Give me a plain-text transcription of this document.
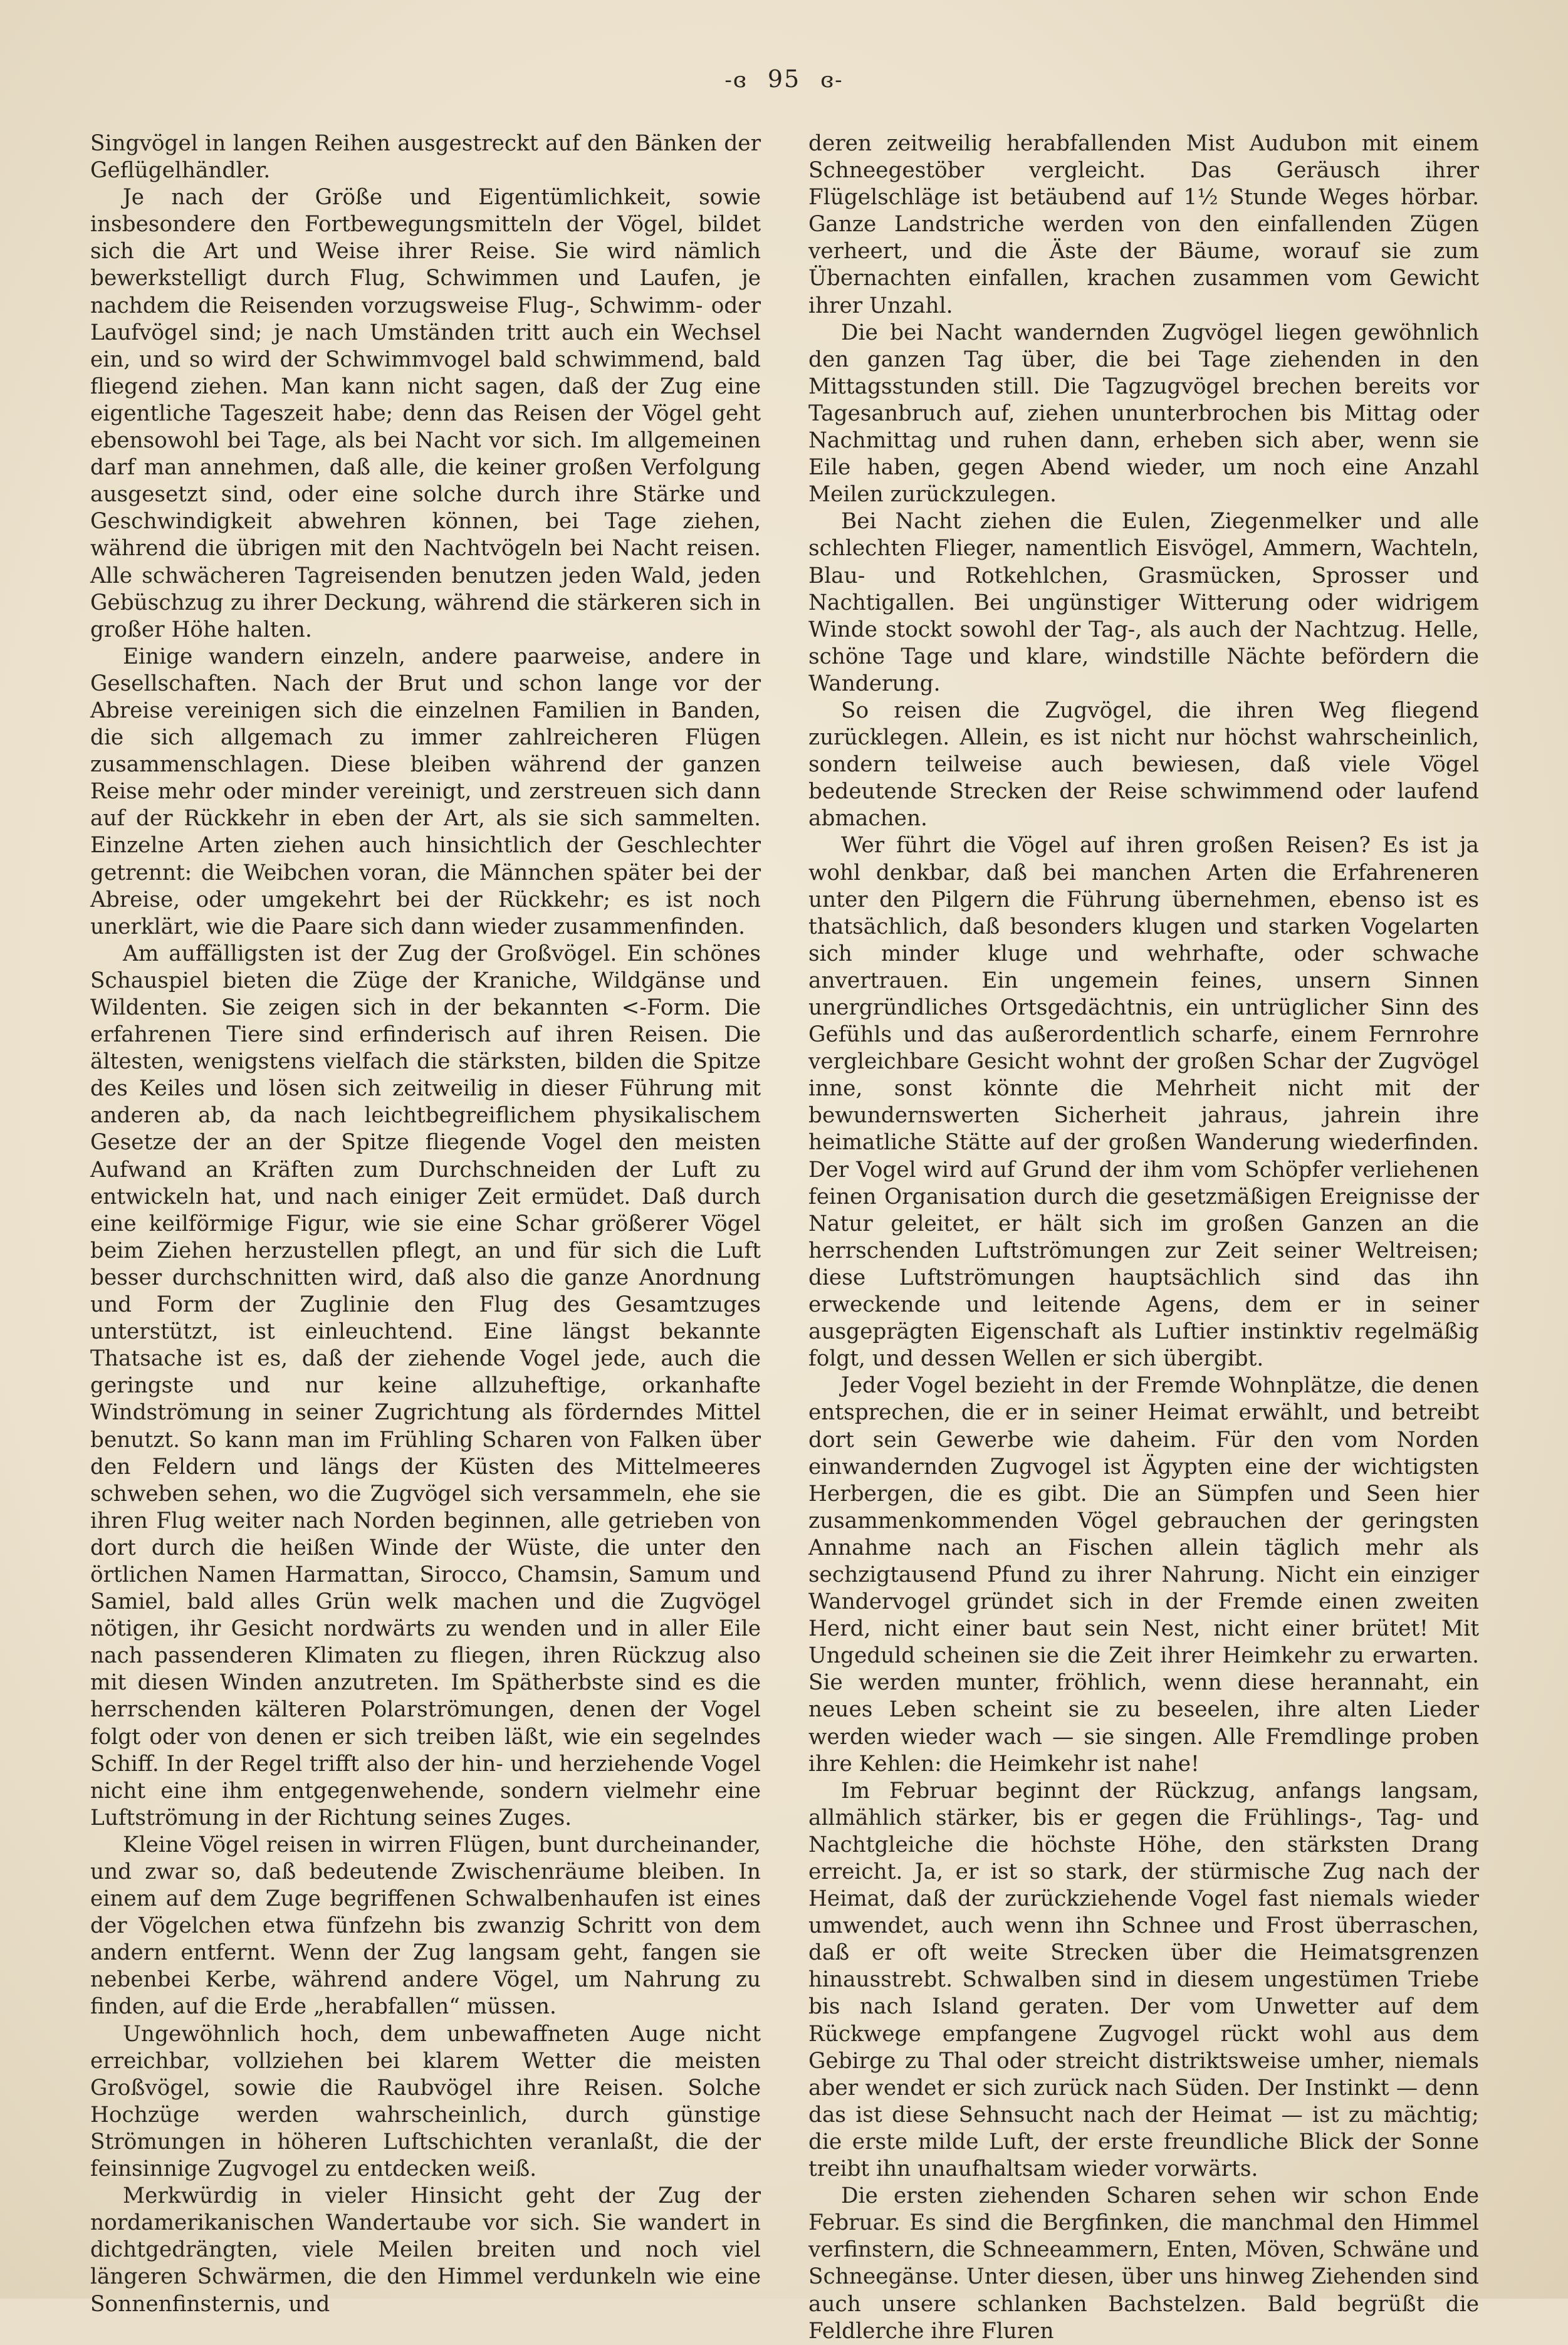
-ɞ 95 ɞ-

Singvögel in langen Reihen ausgestreckt auf den Bänken der Geflügelhändler.

Je nach der Größe und Eigentümlichkeit, sowie insbesondere den Fortbewegungsmitteln der Vögel, bildet sich die Art und Weise ihrer Reise. Sie wird nämlich bewerkstelligt durch Flug, Schwimmen und Laufen, je nachdem die Reisenden vorzugsweise Flug-, Schwimm- oder Laufvögel sind; je nach Umständen tritt auch ein Wechsel ein, und so wird der Schwimmvogel bald schwimmend, bald fliegend ziehen. Man kann nicht sagen, daß der Zug eine eigentliche Tageszeit habe; denn das Reisen der Vögel geht ebensowohl bei Tage, als bei Nacht vor sich. Im allgemeinen darf man annehmen, daß alle, die keiner großen Verfolgung ausgesetzt sind, oder eine solche durch ihre Stärke und Geschwindigkeit abwehren können, bei Tage ziehen, während die übrigen mit den Nachtvögeln bei Nacht reisen. Alle schwächeren Tagreisenden benutzen jeden Wald, jeden Gebüschzug zu ihrer Deckung, während die stärkeren sich in großer Höhe halten.

Einige wandern einzeln, andere paarweise, andere in Gesellschaften. Nach der Brut und schon lange vor der Abreise vereinigen sich die einzelnen Familien in Banden, die sich allgemach zu immer zahlreicheren Flügen zusammenschlagen. Diese bleiben während der ganzen Reise mehr oder minder vereinigt, und zerstreuen sich dann auf der Rückkehr in eben der Art, als sie sich sammelten. Einzelne Arten ziehen auch hinsichtlich der Geschlechter getrennt: die Weibchen voran, die Männchen später bei der Abreise, oder umgekehrt bei der Rückkehr; es ist noch unerklärt, wie die Paare sich dann wieder zusammenfinden.

Am auffälligsten ist der Zug der Großvögel. Ein schönes Schauspiel bieten die Züge der Kraniche, Wildgänse und Wildenten. Sie zeigen sich in der bekannten <-Form. Die erfahrenen Tiere sind erfinderisch auf ihren Reisen. Die ältesten, wenigstens vielfach die stärksten, bilden die Spitze des Keiles und lösen sich zeitweilig in dieser Führung mit anderen ab, da nach leichtbegreiflichem physikalischem Gesetze der an der Spitze fliegende Vogel den meisten Aufwand an Kräften zum Durchschneiden der Luft zu entwickeln hat, und nach einiger Zeit ermüdet. Daß durch eine keilförmige Figur, wie sie eine Schar größerer Vögel beim Ziehen herzustellen pflegt, an und für sich die Luft besser durchschnitten wird, daß also die ganze Anordnung und Form der Zuglinie den Flug des Gesamtzuges unterstützt, ist einleuchtend. Eine längst bekannte Thatsache ist es, daß der ziehende Vogel jede, auch die geringste und nur keine allzuheftige, orkanhafte Windströmung in seiner Zugrichtung als förderndes Mittel benutzt. So kann man im Frühling Scharen von Falken über den Feldern und längs der Küsten des Mittelmeeres schweben sehen, wo die Zugvögel sich versammeln, ehe sie ihren Flug weiter nach Norden beginnen, alle getrieben von dort durch die heißen Winde der Wüste, die unter den örtlichen Namen Harmattan, Sirocco, Chamsin, Samum und Samiel, bald alles Grün welk machen und die Zugvögel nötigen, ihr Gesicht nordwärts zu wenden und in aller Eile nach passenderen Klimaten zu fliegen, ihren Rückzug also mit diesen Winden anzutreten. Im Spätherbste sind es die herrschenden kälteren Polarströmungen, denen der Vogel folgt oder von denen er sich treiben läßt, wie ein segelndes Schiff. In der Regel trifft also der hin- und herziehende Vogel nicht eine ihm entgegenwehende, sondern vielmehr eine Luftströmung in der Richtung seines Zuges.

Kleine Vögel reisen in wirren Flügen, bunt durcheinander, und zwar so, daß bedeutende Zwischenräume bleiben. In einem auf dem Zuge begriffenen Schwalbenhaufen ist eines der Vögelchen etwa fünfzehn bis zwanzig Schritt von dem andern entfernt. Wenn der Zug langsam geht, fangen sie nebenbei Kerbe, während andere Vögel, um Nahrung zu finden, auf die Erde „herabfallen“ müssen.

Ungewöhnlich hoch, dem unbewaffneten Auge nicht erreichbar, vollziehen bei klarem Wetter die meisten Großvögel, sowie die Raubvögel ihre Reisen. Solche Hochzüge werden wahrscheinlich, durch günstige Strömungen in höheren Luftschichten veranlaßt, die der feinsinnige Zugvogel zu entdecken weiß.

Merkwürdig in vieler Hinsicht geht der Zug der nordamerikanischen Wandertaube vor sich. Sie wandert in dichtgedrängten, viele Meilen breiten und noch viel längeren Schwärmen, die den Himmel verdunkeln wie eine Sonnenfinsternis, und

deren zeitweilig herabfallenden Mist Audubon mit einem Schneegestöber vergleicht. Das Geräusch ihrer Flügelschläge ist betäubend auf 1½ Stunde Weges hörbar. Ganze Landstriche werden von den einfallenden Zügen verheert, und die Äste der Bäume, worauf sie zum Übernachten einfallen, krachen zusammen vom Gewicht ihrer Unzahl.

Die bei Nacht wandernden Zugvögel liegen gewöhnlich den ganzen Tag über, die bei Tage ziehenden in den Mittagsstunden still. Die Tagzugvögel brechen bereits vor Tagesanbruch auf, ziehen ununterbrochen bis Mittag oder Nachmittag und ruhen dann, erheben sich aber, wenn sie Eile haben, gegen Abend wieder, um noch eine Anzahl Meilen zurückzulegen.

Bei Nacht ziehen die Eulen, Ziegenmelker und alle schlechten Flieger, namentlich Eisvögel, Ammern, Wachteln, Blau- und Rotkehlchen, Grasmücken, Sprosser und Nachtigallen. Bei ungünstiger Witterung oder widrigem Winde stockt sowohl der Tag-, als auch der Nachtzug. Helle, schöne Tage und klare, windstille Nächte befördern die Wanderung.

So reisen die Zugvögel, die ihren Weg fliegend zurücklegen. Allein, es ist nicht nur höchst wahrscheinlich, sondern teilweise auch bewiesen, daß viele Vögel bedeutende Strecken der Reise schwimmend oder laufend abmachen.

Wer führt die Vögel auf ihren großen Reisen? Es ist ja wohl denkbar, daß bei manchen Arten die Erfahreneren unter den Pilgern die Führung übernehmen, ebenso ist es thatsächlich, daß besonders klugen und starken Vogelarten sich minder kluge und wehrhafte, oder schwache anvertrauen. Ein ungemein feines, unsern Sinnen unergründliches Ortsgedächtnis, ein untrüglicher Sinn des Gefühls und das außerordentlich scharfe, einem Fernrohre vergleichbare Gesicht wohnt der großen Schar der Zugvögel inne, sonst könnte die Mehrheit nicht mit der bewundernswerten Sicherheit jahraus, jahrein ihre heimatliche Stätte auf der großen Wanderung wiederfinden. Der Vogel wird auf Grund der ihm vom Schöpfer verliehenen feinen Organisation durch die gesetzmäßigen Ereignisse der Natur geleitet, er hält sich im großen Ganzen an die herrschenden Luftströmungen zur Zeit seiner Weltreisen; diese Luftströmungen hauptsächlich sind das ihn erweckende und leitende Agens, dem er in seiner ausgeprägten Eigenschaft als Luftier instinktiv regelmäßig folgt, und dessen Wellen er sich übergibt.

Jeder Vogel bezieht in der Fremde Wohnplätze, die denen entsprechen, die er in seiner Heimat erwählt, und betreibt dort sein Gewerbe wie daheim. Für den vom Norden einwandernden Zugvogel ist Ägypten eine der wichtigsten Herbergen, die es gibt. Die an Sümpfen und Seen hier zusammenkommenden Vögel gebrauchen der geringsten Annahme nach an Fischen allein täglich mehr als sechzigtausend Pfund zu ihrer Nahrung. Nicht ein einziger Wandervogel gründet sich in der Fremde einen zweiten Herd, nicht einer baut sein Nest, nicht einer brütet! Mit Ungeduld scheinen sie die Zeit ihrer Heimkehr zu erwarten. Sie werden munter, fröhlich, wenn diese herannaht, ein neues Leben scheint sie zu beseelen, ihre alten Lieder werden wieder wach — sie singen. Alle Fremdlinge proben ihre Kehlen: die Heimkehr ist nahe!

Im Februar beginnt der Rückzug, anfangs langsam, allmählich stärker, bis er gegen die Frühlings-, Tag- und Nachtgleiche die höchste Höhe, den stärksten Drang erreicht. Ja, er ist so stark, der stürmische Zug nach der Heimat, daß der zurückziehende Vogel fast niemals wieder umwendet, auch wenn ihn Schnee und Frost überraschen, daß er oft weite Strecken über die Heimatsgrenzen hinausstrebt. Schwalben sind in diesem ungestümen Triebe bis nach Island geraten. Der vom Unwetter auf dem Rückwege empfangene Zugvogel rückt wohl aus dem Gebirge zu Thal oder streicht distriktsweise umher, niemals aber wendet er sich zurück nach Süden. Der Instinkt — denn das ist diese Sehnsucht nach der Heimat — ist zu mächtig; die erste milde Luft, der erste freundliche Blick der Sonne treibt ihn unaufhaltsam wieder vorwärts.

Die ersten ziehenden Scharen sehen wir schon Ende Februar. Es sind die Bergfinken, die manchmal den Himmel verfinstern, die Schneeammern, Enten, Möven, Schwäne und Schneegänse. Unter diesen, über uns hinweg Ziehenden sind auch unsere schlanken Bachstelzen. Bald begrüßt die Feldlerche ihre Fluren
